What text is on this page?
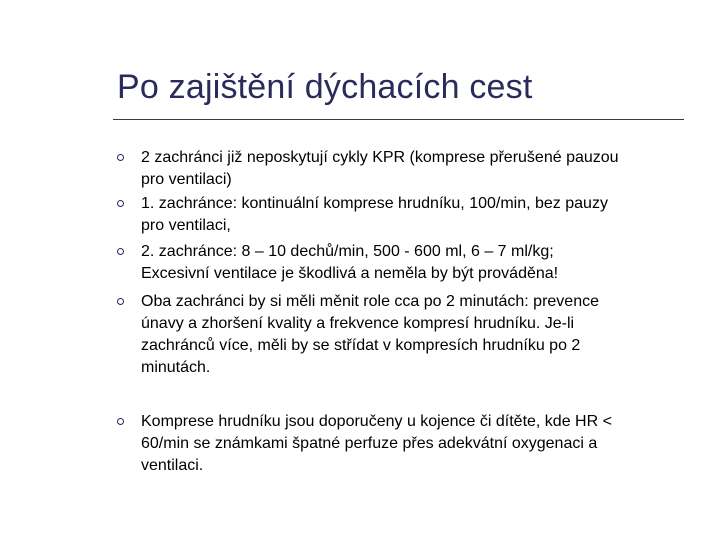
Po zajištění dýchacích cest
2 zachránci již neposkytují cykly KPR (komprese přerušené pauzou
pro ventilaci)
1. zachránce: kontinuální komprese hrudníku, 100/min, bez pauzy
pro ventilaci,
2. zachránce: 8 – 10 dechů/min, 500 - 600 ml, 6 – 7 ml/kg;
Excesivní ventilace je škodlivá a neměla by být prováděna!
Oba zachránci by si měli měnit role cca po 2 minutách: prevence
únavy a zhoršení kvality a frekvence kompresí hrudníku. Je-li
zachránců více, měli by se střídat v kompresích hrudníku po 2
minutách.
Komprese hrudníku jsou doporučeny u kojence či dítěte, kde HR <
60/min se známkami špatné perfuze přes adekvátní oxygenaci a
ventilaci.
